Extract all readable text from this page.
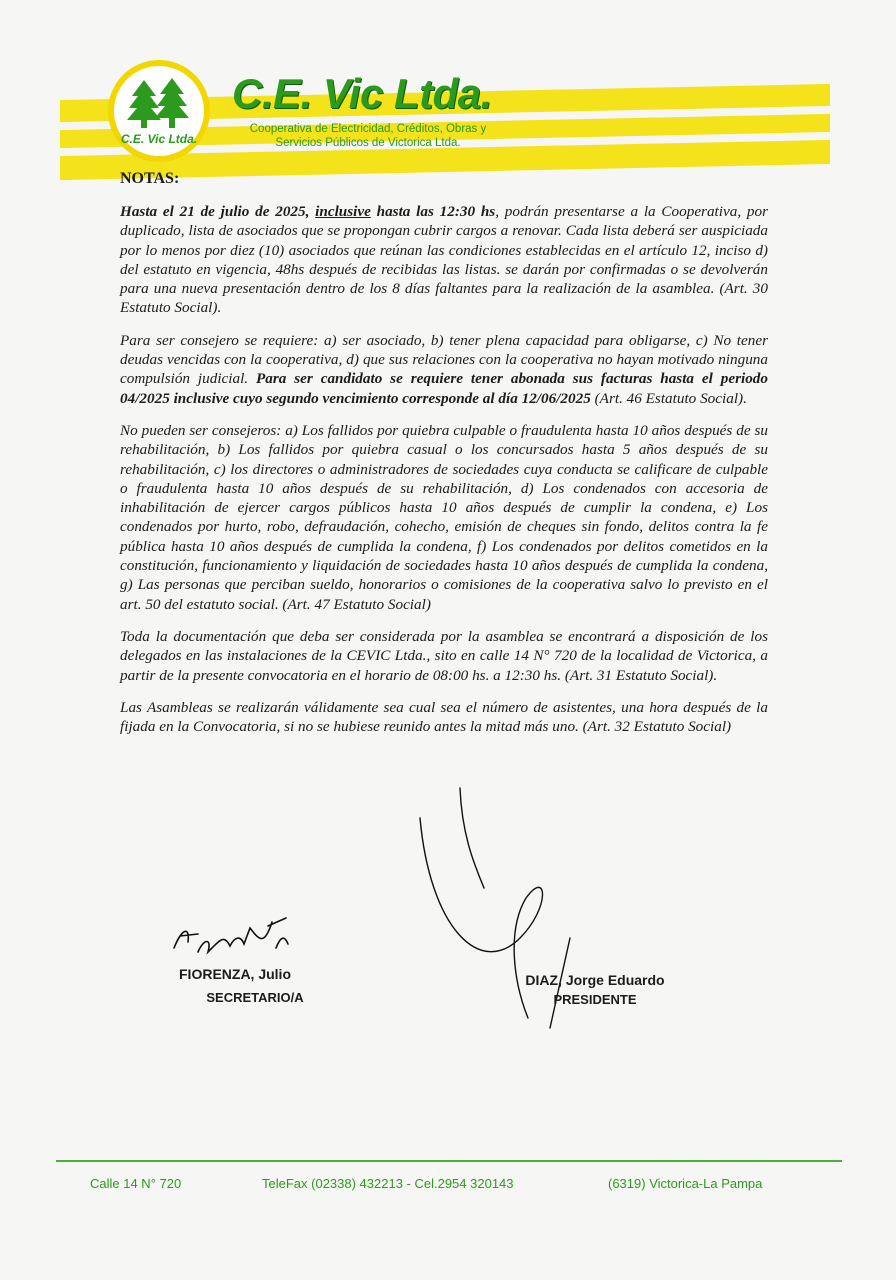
C.E. Vic Ltda.
C.E. Vic Ltda.
Cooperativa de Electricidad, Créditos, Obras y Servicios Públicos de Victorica Ltda.
NOTAS:

Hasta el 21 de julio de 2025, inclusive hasta las 12:30 hs, podrán presentarse a la Cooperativa, por duplicado, lista de asociados que se propongan cubrir cargos a renovar. Cada lista deberá ser auspiciada por lo menos por diez (10) asociados que reúnan las condiciones establecidas en el artículo 12, inciso d) del estatuto en vigencia, 48hs después de recibidas las listas. se darán por confirmadas o se devolverán para una nueva presentación dentro de los 8 días faltantes para la realización de la asamblea. (Art. 30 Estatuto Social).

Para ser consejero se requiere: a) ser asociado, b) tener plena capacidad para obligarse, c) No tener deudas vencidas con la cooperativa, d) que sus relaciones con la cooperativa no hayan motivado ninguna compulsión judicial. Para ser candidato se requiere tener abonada sus facturas hasta el periodo 04/2025 inclusive cuyo segundo vencimiento corresponde al día 12/06/2025 (Art. 46 Estatuto Social).

No pueden ser consejeros: a) Los fallidos por quiebra culpable o fraudulenta hasta 10 años después de su rehabilitación, b) Los fallidos por quiebra casual o los concursados hasta 5 años después de su rehabilitación, c) los directores o administradores de sociedades cuya conducta se calificare de culpable o fraudulenta hasta 10 años después de su rehabilitación, d) Los condenados con accesoria de inhabilitación de ejercer cargos públicos hasta 10 años después de cumplir la condena, e) Los condenados por hurto, robo, defraudación, cohecho, emisión de cheques sin fondo, delitos contra la fe pública hasta 10 años después de cumplida la condena, f) Los condenados por delitos cometidos en la constitución, funcionamiento y liquidación de sociedades hasta 10 años después de cumplida la condena, g) Las personas que perciban sueldo, honorarios o comisiones de la cooperativa salvo lo previsto en el art. 50 del estatuto social. (Art. 47 Estatuto Social)

Toda la documentación que deba ser considerada por la asamblea se encontrará a disposición de los delegados en las instalaciones de la CEVIC Ltda., sito en calle 14 N° 720 de la localidad de Victorica, a partir de la presente convocatoria en el horario de 08:00 hs. a 12:30 hs. (Art. 31 Estatuto Social).

Las Asambleas se realizarán válidamente sea cual sea el número de asistentes, una hora después de la fijada en la Convocatoria, si no se hubiese reunido antes la mitad más uno. (Art. 32 Estatuto Social)

FIORENZA, Julio
SECRETARIO/A
DIAZ, Jorge Eduardo
PRESIDENTE
Calle 14 N° 720	TeleFax (02338) 432213 - Cel.2954 320143	(6319) Victorica-La Pampa
